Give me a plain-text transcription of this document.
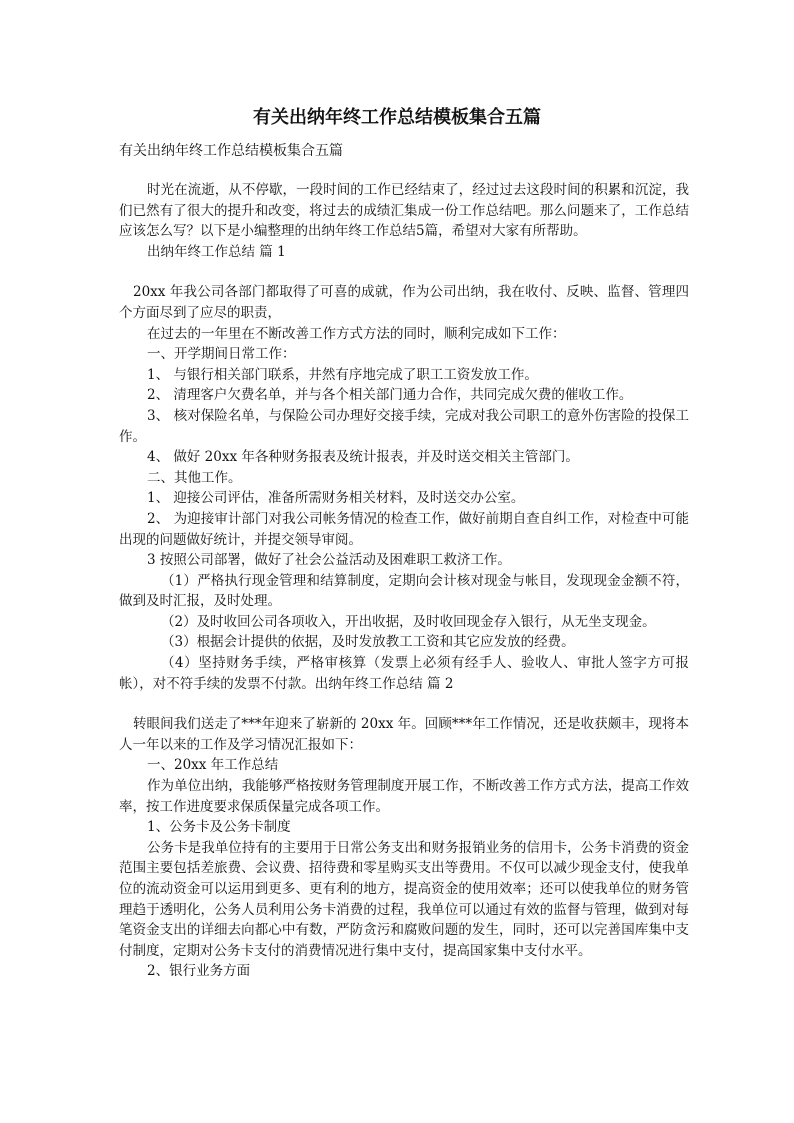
有关出纳年终工作总结模板集合五篇
有关出纳年终工作总结模板集合五篇

时光在流逝，从不停歇，一段时间的工作已经结束了，经过过去这段时间的积累和沉淀，我们已然有了很大的提升和改变，将过去的成绩汇集成一份工作总结吧。那么问题来了，工作总结应该怎么写？以下是小编整理的出纳年终工作总结5篇，希望对大家有所帮助。

出纳年终工作总结 篇 1

20xx 年我公司各部门都取得了可喜的成就，作为公司出纳，我在收付、反映、监督、管理四个方面尽到了应尽的职责，

在过去的一年里在不断改善工作方式方法的同时，顺利完成如下工作：

一、开学期间日常工作：

1、 与银行相关部门联系，井然有序地完成了职工工资发放工作。

2、 清理客户欠费名单，并与各个相关部门通力合作，共同完成欠费的催收工作。

3、 核对保险名单，与保险公司办理好交接手续，完成对我公司职工的意外伤害险的投保工作。

4、 做好 20xx 年各种财务报表及统计报表，并及时送交相关主管部门。

二、其他工作。

1、 迎接公司评估，准备所需财务相关材料，及时送交办公室。

2、 为迎接审计部门对我公司帐务情况的检查工作，做好前期自查自纠工作，对检查中可能出现的问题做好统计，并提交领导审阅。

3 按照公司部署，做好了社会公益活动及困难职工救济工作。

（1）严格执行现金管理和结算制度，定期向会计核对现金与帐目，发现现金金额不符，做到及时汇报，及时处理。

（2）及时收回公司各项收入，开出收据，及时收回现金存入银行，从无坐支现金。

（3）根据会计提供的依据，及时发放教工工资和其它应发放的经费。

（4）坚持财务手续，严格审核算（发票上必须有经手人、验收人、审批人签字方可报帐），对不符手续的发票不付款。出纳年终工作总结 篇 2

转眼间我们送走了***年迎来了崭新的 20xx 年。回顾***年工作情况，还是收获颇丰，现将本人一年以来的工作及学习情况汇报如下：

一、20xx 年工作总结

作为单位出纳，我能够严格按财务管理制度开展工作，不断改善工作方式方法，提高工作效率，按工作进度要求保质保量完成各项工作。

1、公务卡及公务卡制度

公务卡是我单位持有的主要用于日常公务支出和财务报销业务的信用卡，公务卡消费的资金范围主要包括差旅费、会议费、招待费和零星购买支出等费用。不仅可以减少现金支付，使我单位的流动资金可以运用到更多、更有利的地方，提高资金的使用效率；还可以使我单位的财务管理趋于透明化，公务人员利用公务卡消费的过程，我单位可以通过有效的监督与管理，做到对每笔资金支出的详细去向都心中有数，严防贪污和腐败问题的发生，同时，还可以完善国库集中支付制度，定期对公务卡支付的消费情况进行集中支付，提高国家集中支付水平。

2、银行业务方面
